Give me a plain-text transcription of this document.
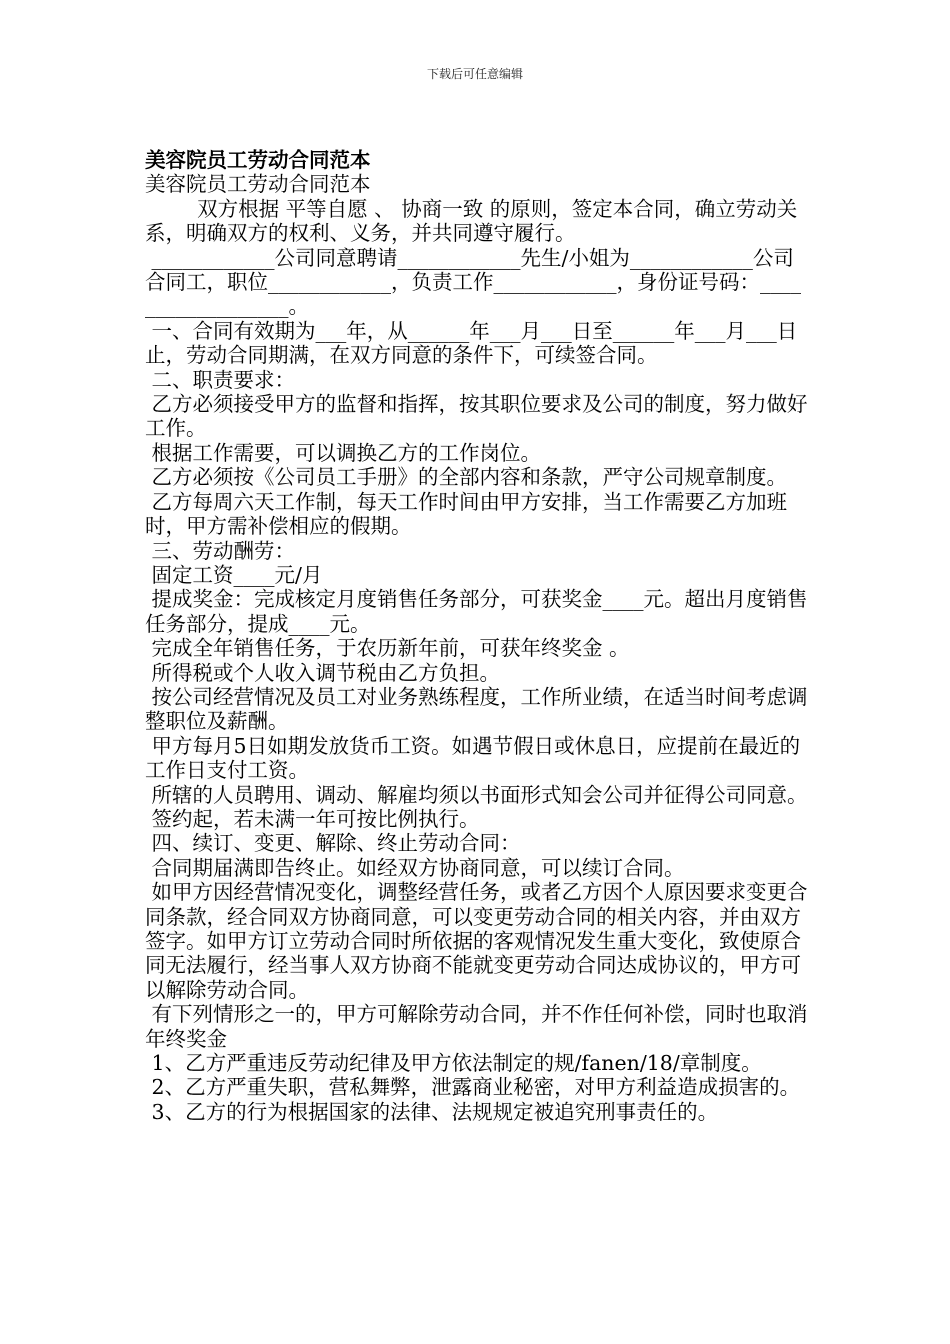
下载后可任意编辑

美容院员工劳动合同范本

美容院员工劳动合同范本

双方根据 平等自愿 、 协商一致 的原则，签定本合同，确立劳动关系，明确双方的权利、义务，并共同遵守履行。

____________公司同意聘请____________先生/小姐为____________公司合同工，职位____________，负责工作____________，身份证号码：__________________。

一、合同有效期为___年，从______年___月___日至______年___月___日止，劳动合同期满，在双方同意的条件下，可续签合同。

二、职责要求：

乙方必须接受甲方的监督和指挥，按其职位要求及公司的制度，努力做好工作。

根据工作需要，可以调换乙方的工作岗位。

乙方必须按《公司员工手册》的全部内容和条款，严守公司规章制度。

乙方每周六天工作制，每天工作时间由甲方安排，当工作需要乙方加班时，甲方需补偿相应的假期。

三、劳动酬劳：

固定工资____元/月

提成奖金：完成核定月度销售任务部分，可获奖金____元。超出月度销售任务部分，提成____元。

完成全年销售任务，于农历新年前，可获年终奖金 。

所得税或个人收入调节税由乙方负担。

按公司经营情况及员工对业务熟练程度，工作所业绩，在适当时间考虑调整职位及薪酬。

甲方每月5日如期发放货币工资。如遇节假日或休息日，应提前在最近的工作日支付工资。

所辖的人员聘用、调动、解雇均须以书面形式知会公司并征得公司同意。

签约起，若未满一年可按比例执行。

四、续订、变更、解除、终止劳动合同：

合同期届满即告终止。如经双方协商同意，可以续订合同。

如甲方因经营情况变化，调整经营任务，或者乙方因个人原因要求变更合同条款，经合同双方协商同意，可以变更劳动合同的相关内容，并由双方签字。如甲方订立劳动合同时所依据的客观情况发生重大变化，致使原合同无法履行，经当事人双方协商不能就变更劳动合同达成协议的，甲方可以解除劳动合同。

有下列情形之一的，甲方可解除劳动合同，并不作任何补偿，同时也取消年终奖金

1、乙方严重违反劳动纪律及甲方依法制定的规/fanen/18/章制度。

2、乙方严重失职，营私舞弊，泄露商业秘密，对甲方利益造成损害的。

3、乙方的行为根据国家的法律、法规规定被追究刑事责任的。
